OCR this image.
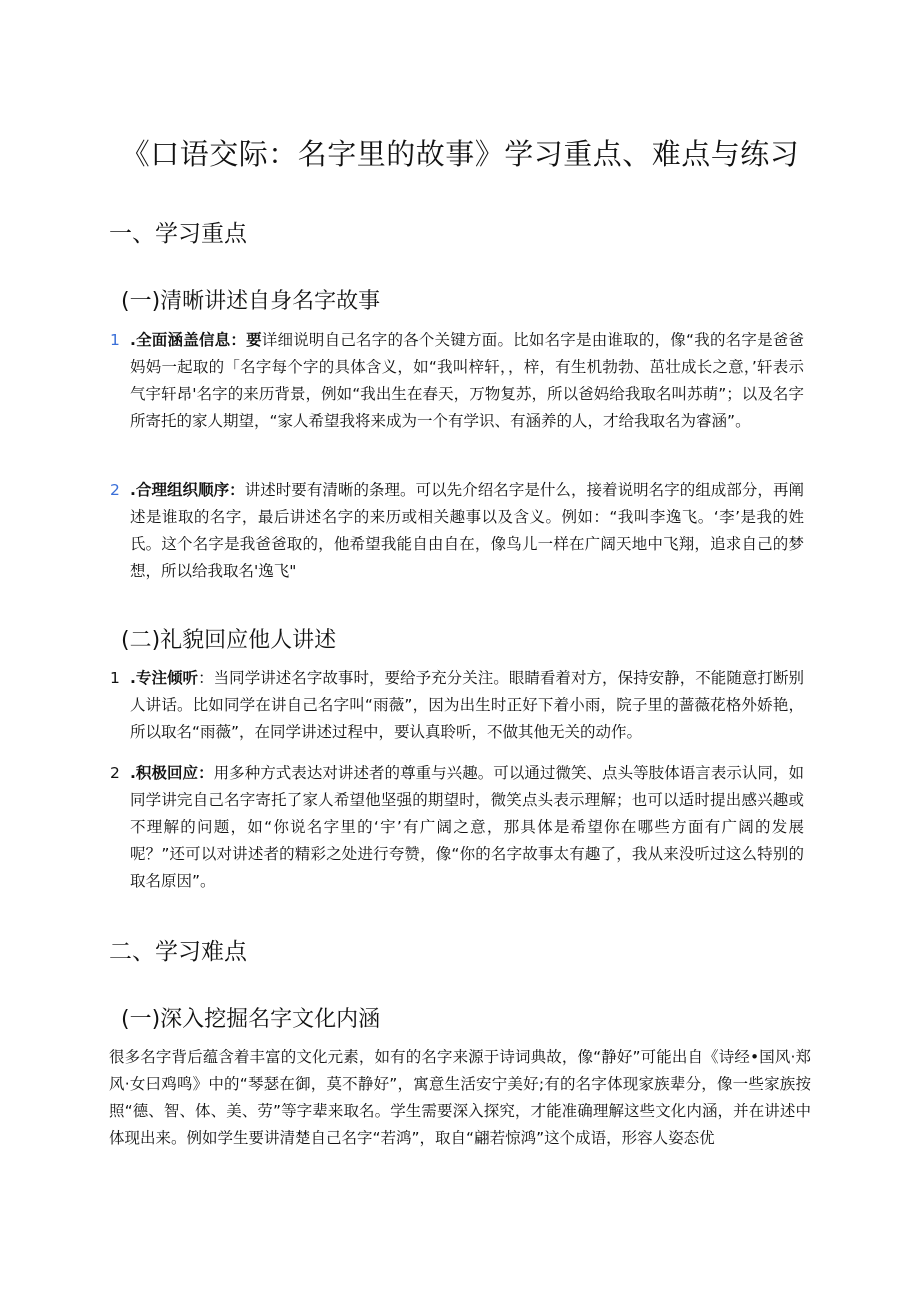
《口语交际：名字里的故事》学习重点、难点与练习
一、学习重点
(一)清晰讲述自身名字故事
1 .全面涵盖信息：要详细说明自己名字的各个关键方面。比如名字是由谁取的，像“我的名字是爸爸妈妈一起取的「名字每个字的具体含义，如“我叫梓轩，，梓，有生机勃勃、茁壮成长之意，’轩表示气宇轩昂'名字的来历背景，例如“我出生在春天，万物复苏，所以爸妈给我取名叫苏萌”；以及名字所寄托的家人期望，“家人希望我将来成为一个有学识、有涵养的人，才给我取名为睿涵”。
2 .合理组织顺序：讲述时要有清晰的条理。可以先介绍名字是什么，接着说明名字的组成部分，再阐述是谁取的名字，最后讲述名字的来历或相关趣事以及含义。例如：“我叫李逸飞。‘李’是我的姓氏。这个名字是我爸爸取的，他希望我能自由自在，像鸟儿一样在广阔天地中飞翔，追求自己的梦想，所以给我取名'逸飞"
(二)礼貌回应他人讲述
1 .专注倾听：当同学讲述名字故事时，要给予充分关注。眼睛看着对方，保持安静，不能随意打断别人讲话。比如同学在讲自己名字叫“雨薇”，因为出生时正好下着小雨，院子里的蔷薇花格外娇艳，所以取名“雨薇”，在同学讲述过程中，要认真聆听，不做其他无关的动作。
2 .积极回应：用多种方式表达对讲述者的尊重与兴趣。可以通过微笑、点头等肢体语言表示认同，如同学讲完自己名字寄托了家人希望他坚强的期望时，微笑点头表示理解；也可以适时提出感兴趣或不理解的问题，如“你说名字里的‘宇’有广阔之意，那具体是希望你在哪些方面有广阔的发展呢？”还可以对讲述者的精彩之处进行夸赞，像“你的名字故事太有趣了，我从来没听过这么特别的取名原因”。
二、学习难点
(一)深入挖掘名字文化内涵

很多名字背后蕴含着丰富的文化元素，如有的名字来源于诗词典故，像“静好”可能出自《诗经•国风·郑风·女曰鸡鸣》中的“琴瑟在御，莫不静好”，寓意生活安宁美好;有的名字体现家族辈分，像一些家族按照“德、智、体、美、劳”等字辈来取名。学生需要深入探究，才能准确理解这些文化内涵，并在讲述中体现出来。例如学生要讲清楚自己名字“若鸿”，取自“翩若惊鸿”这个成语，形容人姿态优
